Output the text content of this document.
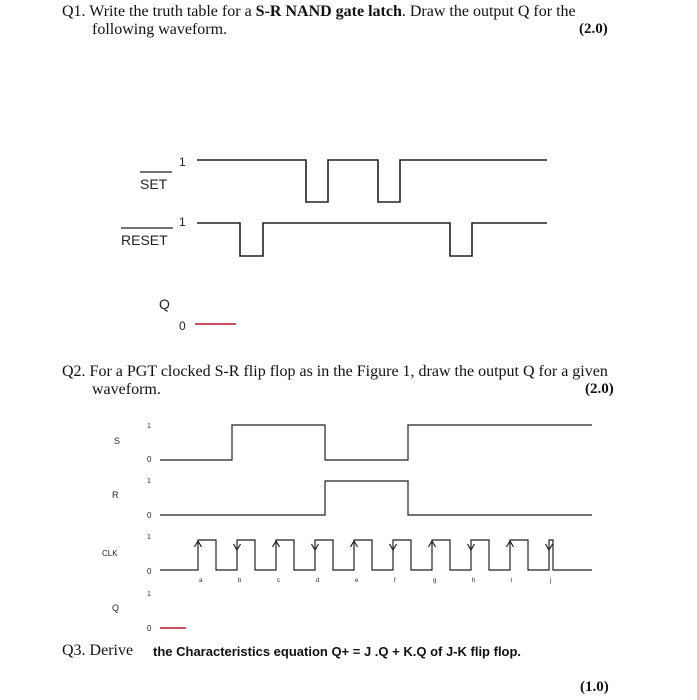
Q1. Write the truth table for a S-R NAND gate latch. Draw the output Q for the
following waveform.	(2.0)
Q2. For a PGT clocked S-R flip flop as in the Figure 1, draw the output Q for a given
waveform.	(2.0)
Q3. Derive the Characteristics equation Q+ = J .Q + K.Q of J-K flip flop.
(1.0)
SET
1
RESET
1
Q
0
S
1
0
R
1
0
CLK
1
0
a	b	c	d	e	f	g	h	i	j
Q
1
0
